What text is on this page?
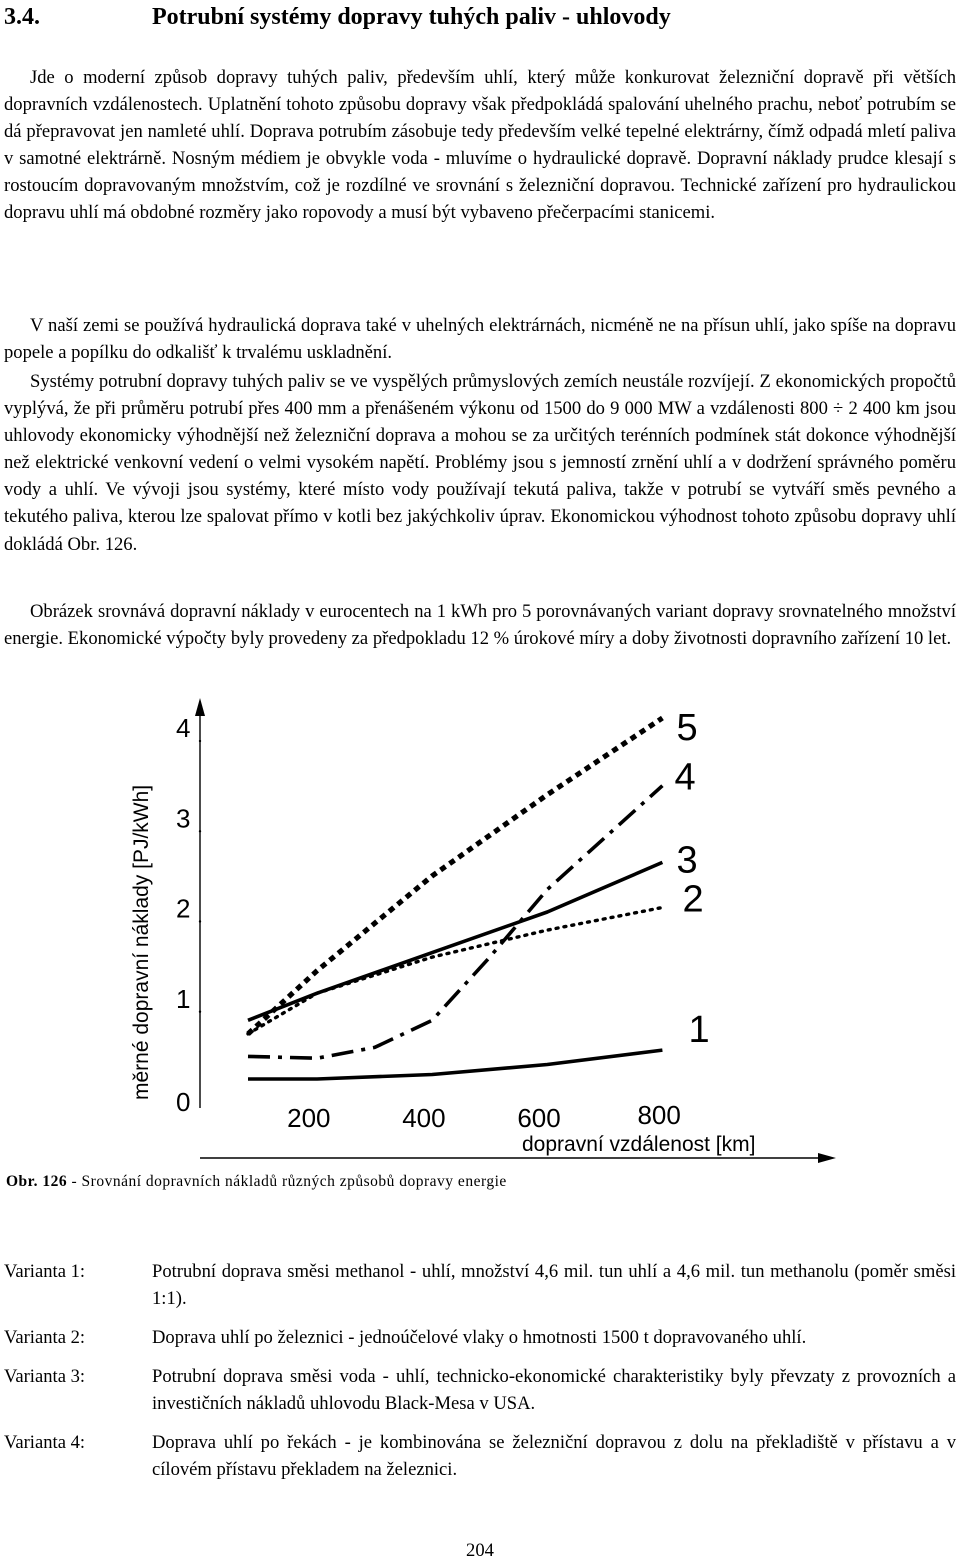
3.4.	Potrubní systémy dopravy tuhých paliv - uhlovody

Jde o moderní způsob dopravy tuhých paliv, především uhlí, který může konkurovat železniční dopravě při větších dopravních vzdálenostech. Uplatnění tohoto způsobu dopravy však předpokládá spalování uhelného prachu, neboť potrubím se dá přepravovat jen namleté uhlí. Doprava potrubím zásobuje tedy především velké tepelné elektrárny, čímž odpadá mletí paliva v samotné elektrárně. Nosným médiem je obvykle voda - mluvíme o hydraulické dopravě. Dopravní náklady prudce klesají s rostoucím dopravovaným množstvím, což je rozdílné ve srovnání s železniční dopravou. Technické zařízení pro hydraulickou dopravu uhlí má obdobné rozměry jako ropovody a musí být vybaveno přečerpacími stanicemi.

V naší zemi se používá hydraulická doprava také v uhelných elektrárnách, nicméně ne na přísun uhlí, jako spíše na dopravu popele a popílku do odkališť k trvalému uskladnění.

Systémy potrubní dopravy tuhých paliv se ve vyspělých průmyslových zemích neustále rozvíjejí. Z ekonomických propočtů vyplývá, že při průměru potrubí přes 400 mm a přenášeném výkonu od 1500 do 9 000 MW a vzdálenosti 800 ÷ 2 400 km jsou uhlovody ekonomicky výhodnější než železniční doprava a mohou se za určitých terénních podmínek stát dokonce výhodnější než elektrické venkovní vedení o velmi vysokém napětí. Problémy jsou s jemností zrnění uhlí a v dodržení správného poměru vody a uhlí. Ve vývoji jsou systémy, které místo vody používají tekutá paliva, takže v potrubí se vytváří směs pevného a tekutého paliva, kterou lze spalovat přímo v kotli bez jakýchkoliv úprav. Ekonomickou výhodnost tohoto způsobu dopravy uhlí dokládá Obr. 126.

Obrázek srovnává dopravní náklady v eurocentech na 1 kWh pro 5 porovnávaných variant dopravy srovnatelného množství energie. Ekonomické výpočty byly provedeny za předpokladu 12 % úrokové míry a doby životnosti dopravního zařízení 10 let.

0
1
2
3
4
200	400	600	800
měrné dopravní náklady [PJ/kWh]
dopravní vzdálenost [km]
1
2
3
4
5
Obr. 126 - Srovnání dopravních nákladů různých způsobů dopravy energie
Varianta 1:	Potrubní doprava směsi methanol - uhlí, množství 4,6 mil. tun uhlí a 4,6 mil. tun methanolu (poměr směsi 1:1).
Varianta 2:	Doprava uhlí po železnici - jednoúčelové vlaky o hmotnosti 1500 t dopravovaného uhlí.
Varianta 3:	Potrubní doprava směsi voda - uhlí, technicko-ekonomické charakteristiky byly převzaty z provozních a investičních nákladů uhlovodu Black-Mesa v USA.
Varianta 4:	Doprava uhlí po řekách - je kombinována se železniční dopravou z dolu na překladiště v přístavu a v cílovém přístavu překladem na železnici.
204
